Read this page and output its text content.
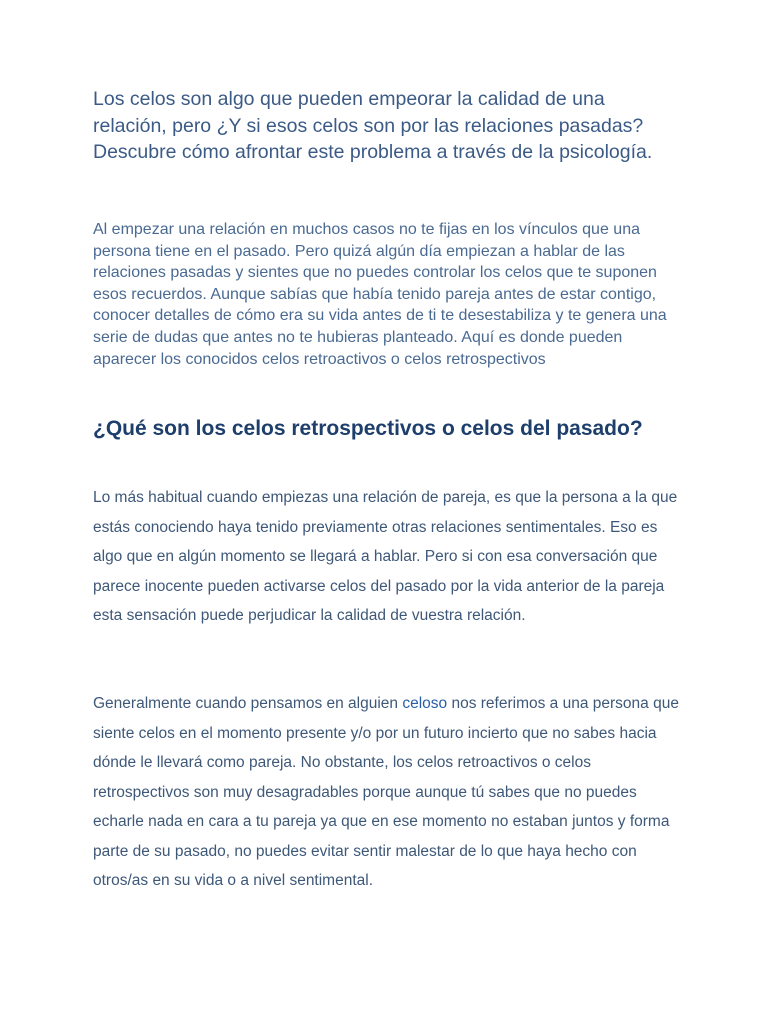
Los celos son algo que pueden empeorar la calidad de una relación, pero ¿Y si esos celos son por las relaciones pasadas? Descubre cómo afrontar este problema a través de la psicología.

Al empezar una relación en muchos casos no te fijas en los vínculos que una persona tiene en el pasado. Pero quizá algún día empiezan a hablar de las relaciones pasadas y sientes que no puedes controlar los celos que te suponen esos recuerdos. Aunque sabías que había tenido pareja antes de estar contigo, conocer detalles de cómo era su vida antes de ti te desestabiliza y te genera una serie de dudas que antes no te hubieras planteado. Aquí es donde pueden aparecer los conocidos celos retroactivos o celos retrospectivos

¿Qué son los celos retrospectivos o celos del pasado?

Lo más habitual cuando empiezas una relación de pareja, es que la persona a la que estás conociendo haya tenido previamente otras relaciones sentimentales. Eso es algo que en algún momento se llegará a hablar. Pero si con esa conversación que parece inocente pueden activarse celos del pasado por la vida anterior de la pareja esta sensación puede perjudicar la calidad de vuestra relación.

Generalmente cuando pensamos en alguien celoso nos referimos a una persona que siente celos en el momento presente y/o por un futuro incierto que no sabes hacia dónde le llevará como pareja. No obstante, los celos retroactivos o celos retrospectivos son muy desagradables porque aunque tú sabes que no puedes echarle nada en cara a tu pareja ya que en ese momento no estaban juntos y forma parte de su pasado, no puedes evitar sentir malestar de lo que haya hecho con otros/as en su vida o a nivel sentimental.
